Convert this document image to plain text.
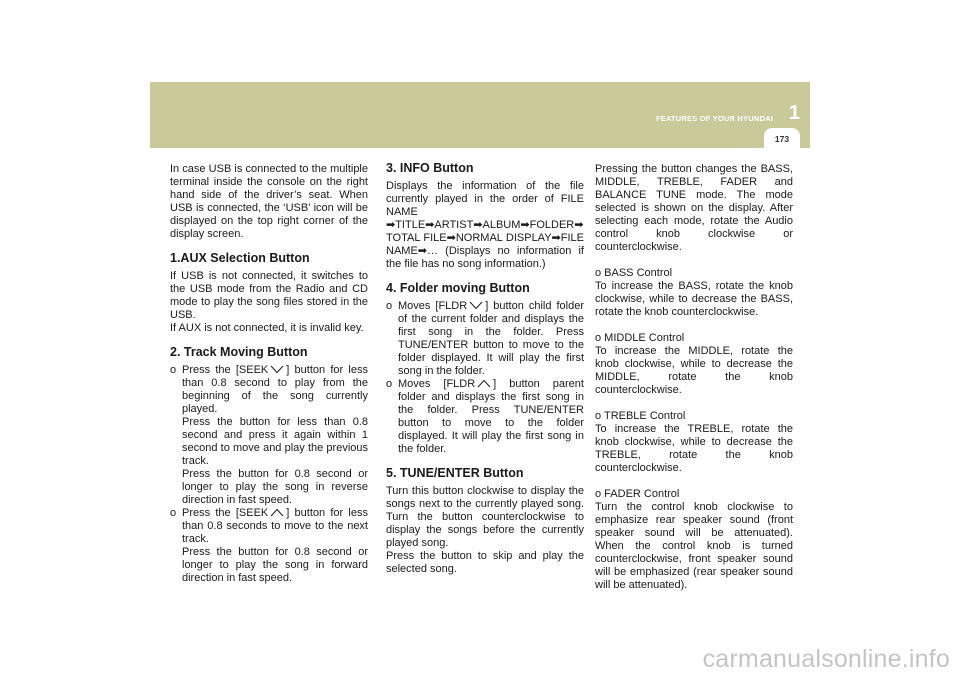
FEATURES OF YOUR HYUNDAI 1
173

In case USB is connected to the multiple terminal inside the console on the right hand side of the driver’s seat. When USB is connected, the ‘USB’ icon will be displayed on the top right corner of the display screen.

1.AUX Selection Button

If USB is not connected, it switches to the USB mode from the Radio and CD mode to play the song files stored in the USB.

If AUX is not connected, it is invalid key.

2. Track Moving Button
o Press the [SEEK ] button for less than 0.8 second to play from the beginning of the song currently played.

Press the button for less than 0.8 second and press it again within 1 second to move and play the previous track.

Press the button for 0.8 second or longer to play the song in reverse direction in fast speed.

o Press the [SEEK ] button for less than 0.8 seconds to move to the next track.

Press the button for 0.8 second or longer to play the song in forward direction in fast speed.

3. INFO Button

Displays the information of the file currently played in the order of FILE NAME ➡TITLE➡ARTIST➡ALBUM➡FOLDER➡ TOTAL FILE➡NORMAL DISPLAY➡FILE NAME➡… (Displays no information if the file has no song information.)

4. Folder moving Button
o Moves [FLDR ] button child folder of the current folder and displays the first song in the folder. Press TUNE/ENTER button to move to the folder displayed. It will play the first song in the folder.

o Moves [FLDR ] button parent folder and displays the first song in the folder. Press TUNE/ENTER button to move to the folder displayed. It will play the first song in the folder.

5. TUNE/ENTER Button

Turn this button clockwise to display the songs next to the currently played song. Turn the button counterclockwise to display the songs before the currently played song.

Press the button to skip and play the selected song.

Pressing the button changes the BASS, MIDDLE, TREBLE, FADER and BALANCE TUNE mode. The mode selected is shown on the display. After selecting each mode, rotate the Audio control knob clockwise or counterclockwise.

o BASS Control

To increase the BASS, rotate the knob clockwise, while to decrease the BASS, rotate the knob counterclockwise.

o MIDDLE Control

To increase the MIDDLE, rotate the knob clockwise, while to decrease the MIDDLE, rotate the knob counterclockwise.

o TREBLE Control

To increase the TREBLE, rotate the knob clockwise, while to decrease the TREBLE, rotate the knob counterclockwise.

o FADER Control

Turn the control knob clockwise to emphasize rear speaker sound (front speaker sound will be attenuated). When the control knob is turned counterclockwise, front speaker sound will be emphasized (rear speaker sound will be attenuated).

carmanualsonline.info
